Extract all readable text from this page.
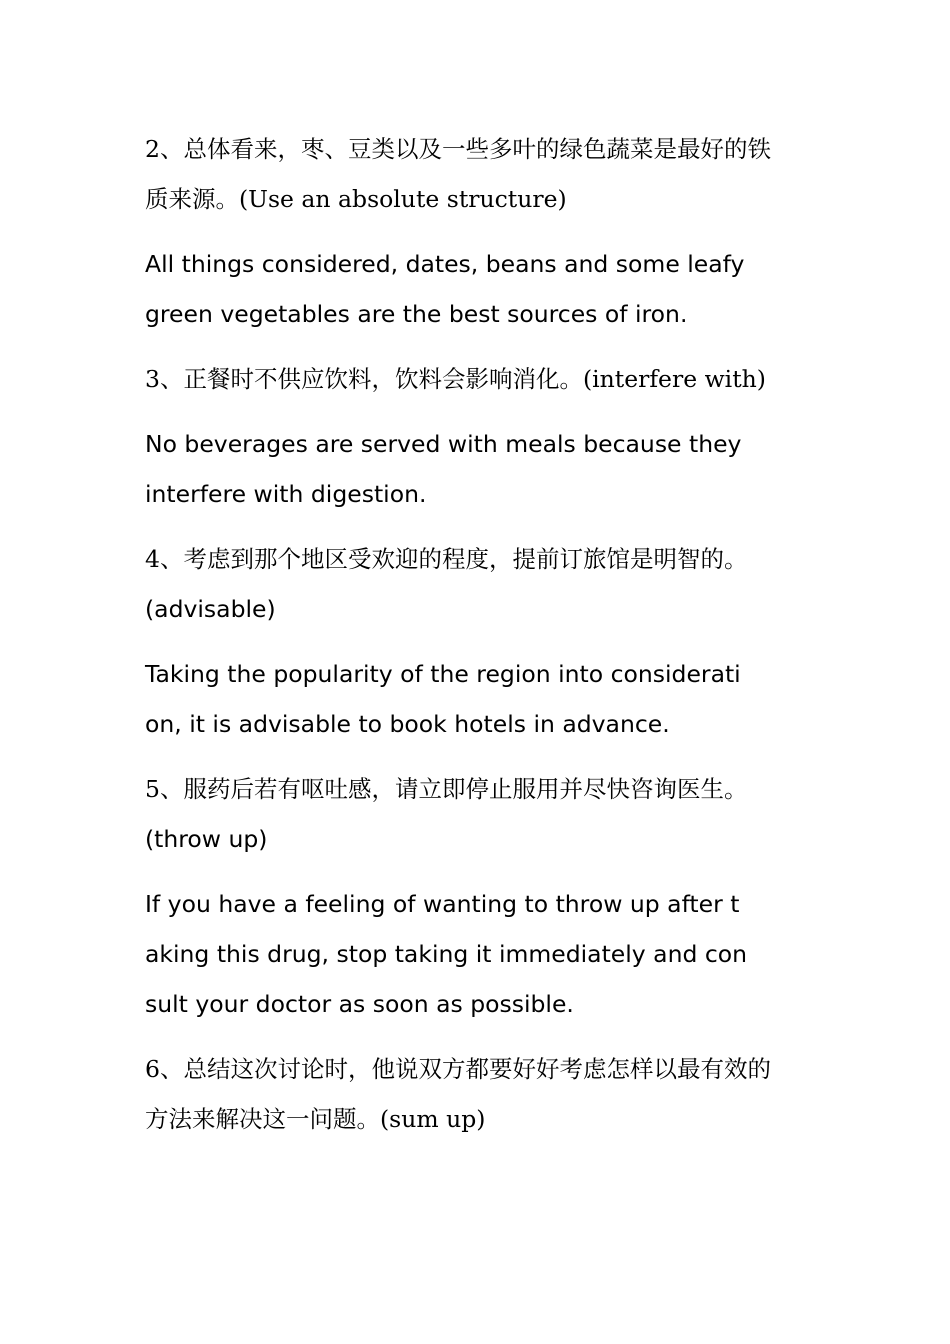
2、总体看来，枣、豆类以及一些多叶的绿色蔬菜是最好的铁
质来源。(Use an absolute structure)
All things considered, dates, beans and some leafy
green vegetables are the best sources of iron.
3、正餐时不供应饮料，饮料会影响消化。(interfere with)
No beverages are served with meals because they
interfere with digestion.
4、考虑到那个地区受欢迎的程度，提前订旅馆是明智的。
(advisable)
Taking the popularity of the region into considerati
on, it is advisable to book hotels in advance.
5、服药后若有呕吐感，请立即停止服用并尽快咨询医生。
(throw up)
If you have a feeling of wanting to throw up after t
aking this drug, stop taking it immediately and con
sult your doctor as soon as possible.
6、总结这次讨论时，他说双方都要好好考虑怎样以最有效的
方法来解决这一问题。(sum up)
